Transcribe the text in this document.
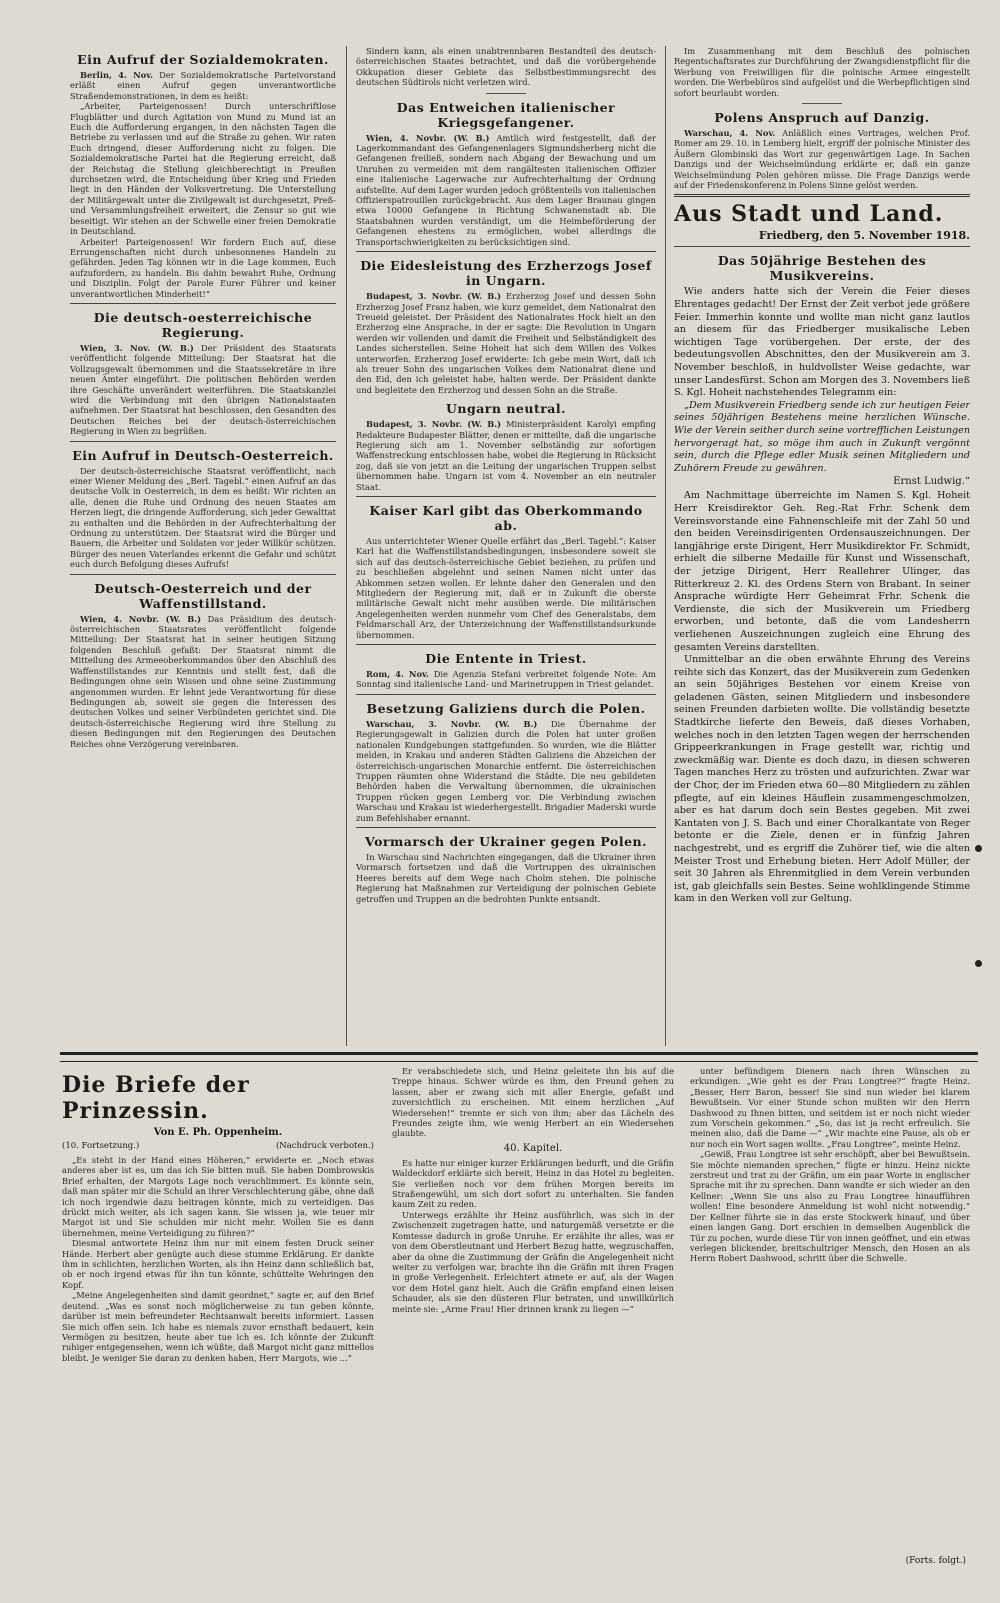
Ein Aufruf der Sozialdemokraten.

Berlin, 4. Nov. Der Sozialdemokratische Parteivorstand erläßt einen Aufruf gegen unverantwortliche Straßendemonstrationen, in dem es heißt:

„Arbeiter, Parteigenossen! Durch unterschriftlose Flugblätter und durch Agitation von Mund zu Mund ist an Euch die Aufforderung ergangen, in den nächsten Tagen die Betriebe zu verlassen und auf die Straße zu gehen. Wir raten Euch dringend, dieser Aufforderung nicht zu folgen. Die Sozialdemokratische Partei hat die Regierung erreicht, daß der Reichstag die Stellung gleichberechtigt in Preußen durchsetzen wird, die Entscheidung über Krieg und Frieden liegt in den Händen der Volksvertretung. Die Unterstellung der Militärgewalt unter die Zivilgewalt ist durchgesetzt, Preß- und Versammlungsfreiheit erweitert, die Zensur so gut wie beseitigt. Wir stehen an der Schwelle einer freien Demokratie in Deutschland.

Arbeiter! Parteigenossen! Wir fordern Euch auf, diese Errungenschaften nicht durch unbesonnenes Handeln zu gefährden. Jeden Tag können wir in die Lage kommen, Euch aufzufordern, zu handeln. Bis dahin bewahrt Ruhe, Ordnung und Disziplin. Folgt der Parole Eurer Führer und keiner unverantwortlichen Minderheit!“

Die deutsch-oesterreichische Regierung.

Wien, 3. Nov. (W. B.) Der Präsident des Staatsrats veröffentlicht folgende Mitteilung: Der Staatsrat hat die Vollzugsgewalt übernommen und die Staatssekretäre in ihre neuen Ämter eingeführt. Die politischen Behörden werden ihre Geschäfte unverändert weiterführen. Die Staatskanzlei wird die Verbindung mit den übrigen Nationalstaaten aufnehmen. Der Staatsrat hat beschlossen, den Gesandten des Deutschen Reiches bei der deutsch-österreichischen Regierung in Wien zu begrüßen.

Ein Aufruf in Deutsch-Oesterreich.

Der deutsch-österreichische Staatsrat veröffentlicht, nach einer Wiener Meldung des „Berl. Tagebl.“ einen Aufruf an das deutsche Volk in Oesterreich, in dem es heißt: Wir richten an alle, denen die Ruhe und Ordnung des neuen Staates am Herzen liegt, die dringende Aufforderung, sich jeder Gewalttat zu enthalten und die Behörden in der Aufrechterhaltung der Ordnung zu unterstützen. Der Staatsrat wird die Bürger und Bauern, die Arbeiter und Soldaten vor jeder Willkür schützen. Bürger des neuen Vaterlandes erkennt die Gefahr und schützt euch durch Befolgung dieses Aufrufs!

Deutsch-Oesterreich und der Waffenstillstand.

Wien, 4. Novbr. (W. B.) Das Präsidium des deutsch-österreichischen Staatsrates veröffentlicht folgende Mitteilung: Der Staatsrat hat in seiner heutigen Sitzung folgenden Beschluß gefaßt: Der Staatsrat nimmt die Mitteilung des Armeeoberkommandos über den Abschluß des Waffenstillstandes zur Kenntnis und stellt fest, daß die Bedingungen ohne sein Wissen und ohne seine Zustimmung angenommen wurden. Er lehnt jede Verantwortung für diese Bedingungen ab, soweit sie gegen die Interessen des deutschen Volkes und seiner Verbündeten gerichtet sind. Die deutsch-österreichische Regierung wird ihre Stellung zu diesen Bedingungen mit den Regierungen des Deutschen Reiches ohne Verzögerung vereinbaren.

Sindern kann, als einen unabtrennbaren Bestandteil des deutsch-österreichischen Staates betrachtet, und daß die vorübergehende Okkupation dieser Gebiete das Selbstbestimmungsrecht des deutschen Südtirols nicht verletzen wird.

Das Entweichen italienischer Kriegsgefangener.

Wien, 4. Novbr. (W. B.) Amtlich wird festgestellt, daß der Lagerkommandant des Gefangenenlagers Sigmundsherberg nicht die Gefangenen freiließ, sondern nach Abgang der Bewachung und um Unruhen zu vermeiden mit dem rangältesten italienischen Offizier eine italienische Lagerwache zur Aufrechterhaltung der Ordnung aufstellte. Auf dem Lager wurden jedoch größtenteils von italienischen Offizierspatrouillen zurückgebracht. Aus dem Lager Braunau gingen etwa 10000 Gefangene in Richtung Schwanenstadt ab. Die Staatsbahnen wurden verständigt, um die Heimbeförderung der Gefangenen ehestens zu ermöglichen, wobei allerdings die Transportschwierigkeiten zu berücksichtigen sind.

Die Eidesleistung des Erzherzogs Josef in Ungarn.

Budapest, 3. Novbr. (W. B.) Erzherzog Josef und dessen Sohn Erzherzog Josef Franz haben, wie kurz gemeldet, dem Nationalrat den Treueid geleistet. Der Präsident des Nationalrates Hock hielt an den Erzherzog eine Ansprache, in der er sagte: Die Revolution in Ungarn werden wir vollenden und damit die Freiheit und Selbständigkeit des Landes sicherstellen. Seine Hoheit hat sich dem Willen des Volkes unterworfen. Erzherzog Josef erwiderte: Ich gebe mein Wort, daß ich als treuer Sohn des ungarischen Volkes dem Nationalrat diene und den Eid, den ich geleistet habe, halten werde. Der Präsident dankte und begleitete den Erzherzog und dessen Sohn an die Straße.

Ungarn neutral.

Budapest, 3. Novbr. (W. B.) Ministerpräsident Karolyi empfing Redakteure Budapester Blätter, denen er mitteilte, daß die ungarische Regierung sich am 1. November selbständig zur sofortigen Waffenstreckung entschlossen habe, wobei die Regierung in Rücksicht zog, daß sie von jetzt an die Leitung der ungarischen Truppen selbst übernommen habe. Ungarn ist vom 4. November an ein neutraler Staat.

Kaiser Karl gibt das Oberkommando ab.

Aus unterrichteter Wiener Quelle erfährt das „Berl. Tagebl.“: Kaiser Karl hat die Waffenstillstandsbedingungen, insbesondere soweit sie sich auf das deutsch-österreichische Gebiet beziehen, zu prüfen und zu beschließen abgelehnt und seinen Namen nicht unter das Abkommen setzen wollen. Er lehnte daher den Generalen und den Mitgliedern der Regierung mit, daß er in Zukunft die oberste militärische Gewalt nicht mehr ausüben werde. Die militärischen Angelegenheiten werden nunmehr vom Chef des Generalstabs, dem Feldmarschall Arz, der Unterzeichnung der Waffenstillstandsurkunde übernommen.

Die Entente in Triest.

Rom, 4. Nov. Die Agenzia Stefani verbreitet folgende Note: Am Sonntag sind italienische Land- und Marinetruppen in Triest gelandet.

Besetzung Galiziens durch die Polen.

Warschau, 3. Novbr. (W. B.) Die Übernahme der Regierungsgewalt in Galizien durch die Polen hat unter großen nationalen Kundgebungen stattgefunden. So wurden, wie die Blätter melden, in Krakau und anderen Städten Galiziens die Abzeichen der österreichisch-ungarischen Monarchie entfernt. Die österreichischen Truppen räumten ohne Widerstand die Städte. Die neu gebildeten Behörden haben die Verwaltung übernommen, die ukrainischen Truppen rücken gegen Lemberg vor. Die Verbindung zwischen Warschau und Krakau ist wiederhergestellt. Brigadier Maderski wurde zum Befehlshaber ernannt.

Vormarsch der Ukrainer gegen Polen.

In Warschau sind Nachrichten eingegangen, daß die Ukrainer ihren Vormarsch fortsetzen und daß die Vortruppen des ukrainischen Heeres bereits auf dem Wege nach Cholm stehen. Die polnische Regierung hat Maßnahmen zur Verteidigung der polnischen Gebiete getroffen und Truppen an die bedrohten Punkte entsandt.

Im Zusammenhang mit dem Beschluß des polnischen Regentschaftsrates zur Durchführung der Zwangsdienstpflicht für die Werbung von Freiwilligen für die polnische Armee eingestellt worden. Die Werbebüros sind aufgelöst und die Werbepflichtigen sind sofort beurlaubt worden.

Polens Anspruch auf Danzig.

Warschau, 4. Nov. Anläßlich eines Vortrages, welchen Prof. Romer am 29. 10. in Lemberg hielt, ergriff der polnische Minister des Äußern Glombinski das Wort zur gegenwärtigen Lage. In Sachen Danzigs und der Weichselmündung erklärte er, daß ein ganze Weichselmündung Polen gehören müsse. Die Frage Danzigs werde auf der Friedenskonferenz in Polens Sinne gelöst werden.

Aus Stadt und Land.
Friedberg, den 5. November 1918.
Das 50jährige Bestehen des Musikvereins.

Wie anders hatte sich der Verein die Feier dieses Ehrentages gedacht! Der Ernst der Zeit verbot jede größere Feier. Immerhin konnte und wollte man nicht ganz lautlos an diesem für das Friedberger musikalische Leben wichtigen Tage vorübergehen. Der erste, der des bedeutungsvollen Abschnittes, den der Musikverein am 3. November beschloß, in huldvollster Weise gedachte, war unser Landesfürst. Schon am Morgen des 3. Novembers ließ S. Kgl. Hoheit nachstehendes Telegramm ein:

„Dem Musikverein Friedberg sende ich zur heutigen Feier seines 50jährigen Bestehens meine herzlichen Wünsche. Wie der Verein seither durch seine vortrefflichen Leistungen hervorgeragt hat, so möge ihm auch in Zukunft vergönnt sein, durch die Pflege edler Musik seinen Mitgliedern und Zuhörern Freude zu gewähren.

Ernst Ludwig.“

Am Nachmittage überreichte im Namen S. Kgl. Hoheit Herr Kreisdirektor Geh. Reg.-Rat Frhr. Schenk dem Vereinsvorstande eine Fahnenschleife mit der Zahl 50 und den beiden Vereinsdirigenten Ordensauszeichnungen. Der langjährige erste Dirigent, Herr Musikdirektor Fr. Schmidt, erhielt die silberne Medaille für Kunst und Wissenschaft, der jetzige Dirigent, Herr Reallehrer Ulinger, das Ritterkreuz 2. Kl. des Ordens Stern von Brabant. In seiner Ansprache würdigte Herr Geheimrat Frhr. Schenk die Verdienste, die sich der Musikverein um Friedberg erworben, und betonte, daß die vom Landesherrn verliehenen Auszeichnungen zugleich eine Ehrung des gesamten Vereins darstellten.

Unmittelbar an die oben erwähnte Ehrung des Vereins reihte sich das Konzert, das der Musikverein zum Gedenken an sein 50jähriges Bestehen vor einem Kreise von geladenen Gästen, seinen Mitgliedern und insbesondere seinen Freunden darbieten wollte. Die vollständig besetzte Stadtkirche lieferte den Beweis, daß dieses Vorhaben, welches noch in den letzten Tagen wegen der herrschenden Grippeerkrankungen in Frage gestellt war, richtig und zweckmäßig war. Diente es doch dazu, in diesen schweren Tagen manches Herz zu trösten und aufzurichten. Zwar war der Chor, der im Frieden etwa 60—80 Mitgliedern zu zählen pflegte, auf ein kleines Häuflein zusammengeschmolzen, aber es hat darum doch sein Bestes gegeben. Mit zwei Kantaten von J. S. Bach und einer Choralkantate von Reger betonte er die Ziele, denen er in fünfzig Jahren nachgestrebt, und es ergriff die Zuhörer tief, wie die alten Meister Trost und Erhebung bieten. Herr Adolf Müller, der seit 30 Jahren als Ehrenmitglied in dem Verein verbunden ist, gab gleichfalls sein Bestes. Seine wohlklingende Stimme kam in den Werken voll zur Geltung.

Die Briefe der Prinzessin.
Von E. Ph. Oppenheim.
(10. Fortsetzung.)	(Nachdruck verboten.)

„Es steht in der Hand eines Höheren,“ erwiderte er. „Noch etwas anderes aber ist es, um das ich Sie bitten muß. Sie haben Dombrowskis Brief erhalten, der Margots Lage noch verschlimmert. Es könnte sein, daß man später mir die Schuld an ihrer Verschlechterung gäbe, ohne daß ich noch irgendwie dazu beitragen könnte, mich zu verteidigen. Das drückt mich weiter, als ich sagen kann. Sie wissen ja, wie teuer mir Margot ist und Sie schulden mir nicht mehr. Wollen Sie es dann übernehmen, meine Verteidigung zu führen?“

Diesmal antwortete Heinz ihm nur mit einem festen Druck seiner Hände. Herbert aber genügte auch diese stumme Erklärung. Er dankte ihm in schlichten, herzlichen Worten, als ihn Heinz dann schließlich bat, ob er noch irgend etwas für ihn tun könnte, schüttelte Wehringen den Kopf.

„Meine Angelegenheiten sind damit geordnet,“ sagte er, auf den Brief deutend. „Was es sonst noch möglicherweise zu tun geben könnte, darüber ist mein befreundeter Rechtsanwalt bereits informiert. Lassen Sie mich offen sein. Ich habe es niemals zuvor ernsthaft bedauert, kein Vermögen zu besitzen, heute aber tue ich es. Ich könnte der Zukunft ruhiger entgegensehen, wenn ich wüßte, daß Margot nicht ganz mittellos bleibt. Je weniger Sie daran zu denken haben, Herr Margots, wie ...“

Er verabschiedete sich, und Heinz geleitete ihn bis auf die Treppe hinaus. Schwer würde es ihm, den Freund gehen zu lassen, aber er zwang sich mit aller Energie, gefaßt und zuversichtlich zu erscheinen. Mit einem herzlichen „Auf Wiedersehen!“ trennte er sich von ihm; aber das Lächeln des Freundes zeigte ihm, wie wenig Herbert an ein Wiedersehen glaubte.

40. Kapitel.

Es hatte nur einiger kurzer Erklärungen bedurft, und die Gräfin Waldeckdorf erklärte sich bereit, Heinz in das Hotel zu begleiten. Sie verließen noch vor dem frühen Morgen bereits im Straßengewühl, um sich dort sofort zu unterhalten. Sie fanden kaum Zeit zu reden.

Unterwegs erzählte ihr Heinz ausführlich, was sich in der Zwischenzeit zugetragen hatte, und naturgemäß versetzte er die Komtesse dadurch in große Unruhe. Er erzählte ihr alles, was er von dem Oberstleutnant und Herbert Bezug hatte, wegzuschaffen, aber da ohne die Zustimmung der Gräfin die Angelegenheit nicht weiter zu verfolgen war, brachte ihn die Gräfin mit ihren Fragen in große Verlegenheit. Erleichtert atmete er auf, als der Wagen vor dem Hotel ganz hielt. Auch die Gräfin empfand einen leisen Schauder, als sie den düsteren Flur betraten, und unwillkürlich meinte sie: „Arme Frau! Hier drinnen krank zu liegen —“

unter befündigem Dienern nach ihren Wünschen zu erkundigen. „Wie geht es der Frau Longtree?“ fragte Heinz. „Besser, Herr Baron, besser! Sie sind nun wieder bei klarem Bewußtsein. Vor einer Stunde schon mußten wir den Herrn Dashwood zu Ihnen bitten, und seitdem ist er noch nicht wieder zum Vorschein gekommen.“ „So, das ist ja recht erfreulich. Sie meinen also, daß die Dame —“ „Wir machte eine Pause, als ob er nur noch ein Wort sagen wollte. „Frau Longtree“, meinte Heinz.

„Gewiß, Frau Longtree ist sehr erschöpft, aber bei Bewußtsein. Sie möchte niemanden sprechen,“ fügte er hinzu. Heinz nickte zerstreut und trat zu der Gräfin, um ein paar Worte in englischer Sprache mit ihr zu sprechen. Dann wandte er sich wieder an den Kellner: „Wenn Sie uns also zu Frau Longtree hinaufführen wollen! Eine besondere Anmeldung ist wohl nicht notwendig.“ Der Kellner führte sie in das erste Stockwerk hinauf, und über einen langen Gang. Dort erschien in demselben Augenblick die Tür zu pochen, wurde diese Tür von innen geöffnet, und ein etwas verlegen blickender, breitschultriger Mensch, den Hosen an als Herrn Robert Dashwood, schritt über die Schwelle.

(Forts. folgt.)
